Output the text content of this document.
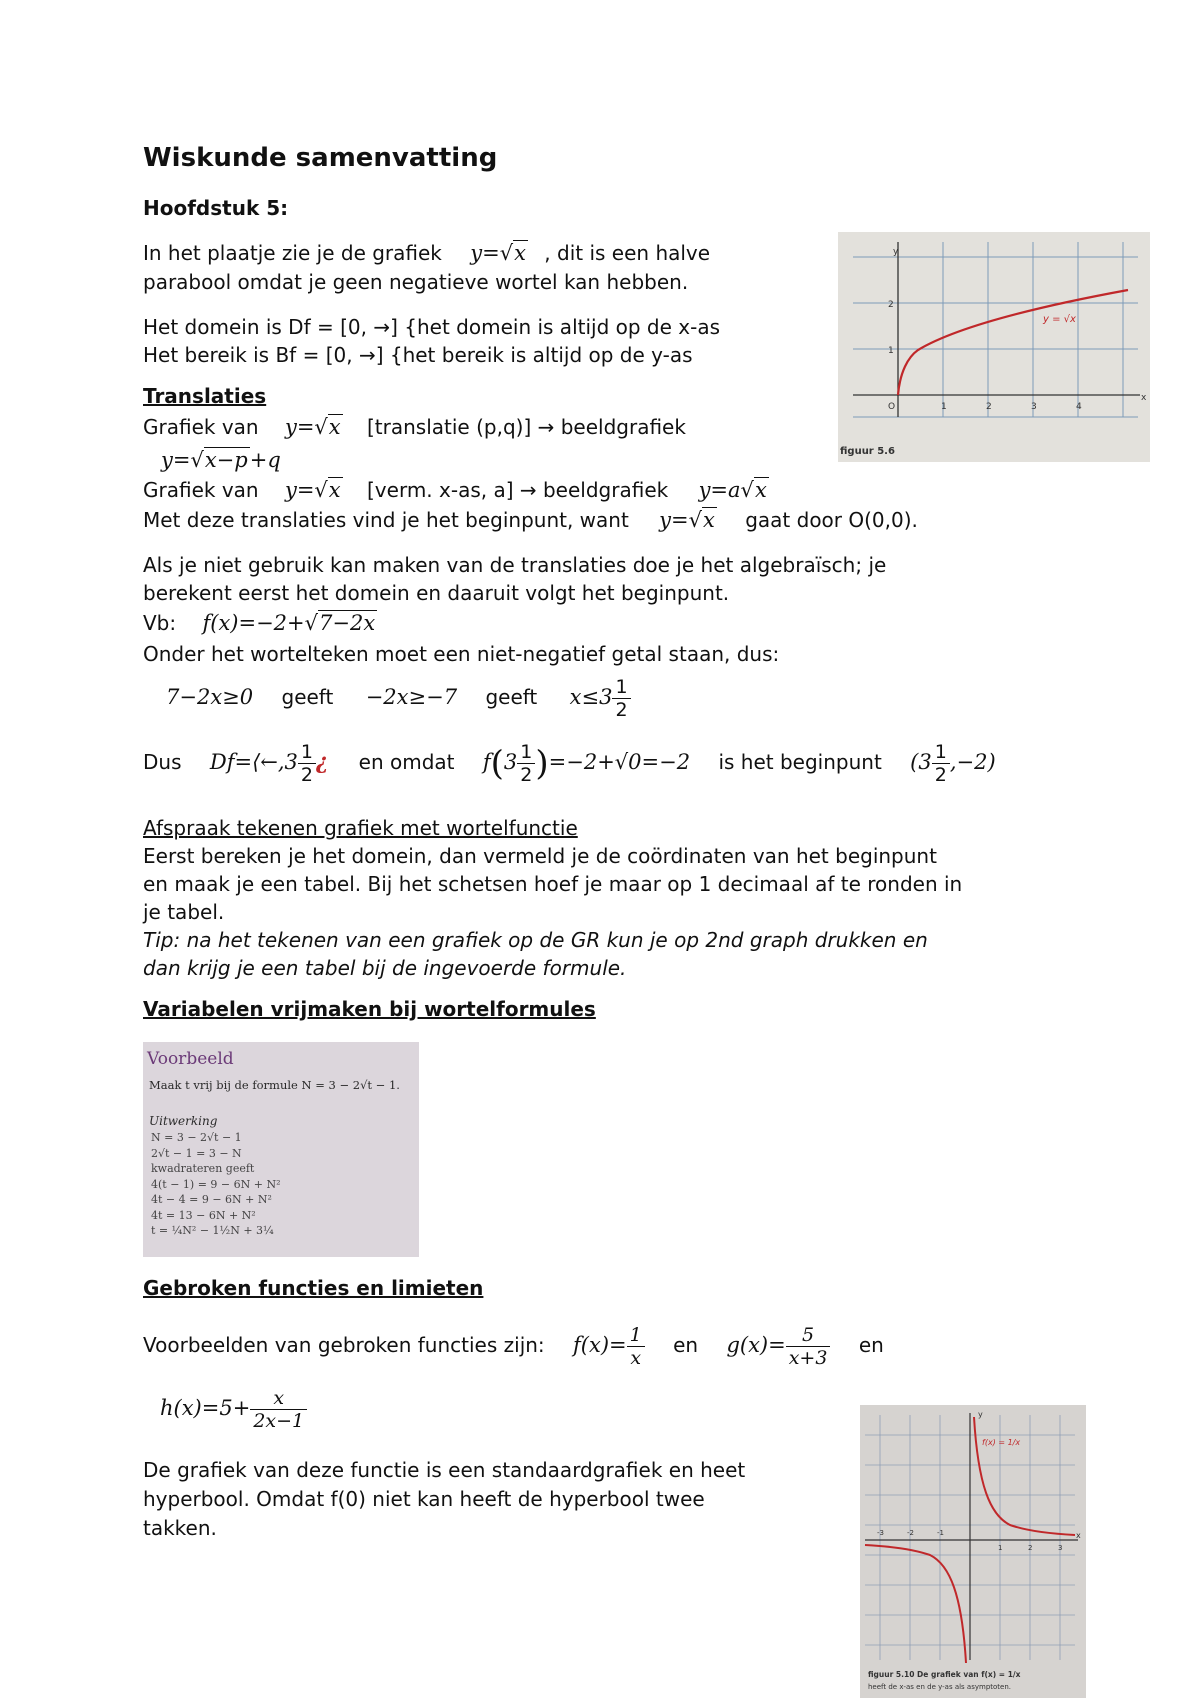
Wiskunde samenvatting
Hoofdstuk 5:
In het plaatje zie je de grafiek y=√x , dit is een halve
parabool omdat je geen negatieve wortel kan hebben.
Het domein is Df = [0, →] {het domein is altijd op de x-as
Het bereik is Bf = [0, →] {het bereik is altijd op de y-as
y
x
O	1	2	3	4
1
2
y = √x
figuur 5.6
Translaties
Grafiek van y=√x [translatie (p,q)] → beeldgrafiek
y=√x−p+q
Grafiek van y=√x [verm. x-as, a] → beeldgrafiek y=a√x
Met deze translaties vind je het beginpunt, want y=√x gaat door O(0,0).
Als je niet gebruik kan maken van de translaties doe je het algebraïsch; je
berekent eerst het domein en daaruit volgt het beginpunt.
Vb: f(x)=−2+√7−2x
Onder het wortelteken moet een niet-negatief getal staan, dus:
7−2x≥0 geeft −2x≥−7 geeft $x\le 3 \frac{1}{2}$
Dus Df=⟨←,3 $\frac{1}{2}$ ¿ en omdat $f(3 \frac{1}{2} )=-2+√0=-2$ is het beginpunt $(3 \frac{1}{2} ,-2)$
Afspraak tekenen grafiek met wortelfunctie
Eerst bereken je het domein, dan vermeld je de coördinaten van het beginpunt
en maak je een tabel. Bij het schetsen hoef je maar op 1 decimaal af te ronden in
je tabel.
Tip: na het tekenen van een grafiek op de GR kun je op 2nd graph drukken en
dan krijg je een tabel bij de ingevoerde formule.
Variabelen vrijmaken bij wortelformules
Voorbeeld
Maak t vrij bij de formule N = 3 − 2√t − 1.
Uitwerking
N = 3 − 2√t − 1
2√t − 1 = 3 − N
kwadrateren geeft
4(t − 1) = 9 − 6N + N²
4t − 4 = 9 − 6N + N²
4t = 13 − 6N + N²
t = ¼N² − 1½N + 3¼
Gebroken functies en limieten
Voorbeelden van gebroken functies zijn: $f(x)= \frac{1}{x}$ en $g(x)= \frac{5}{x+3}$ en
$h(x)=5+ \frac{x}{2x-1}$
De grafiek van deze functie is een standaardgrafiek en heet
hyperbool. Omdat f(0) niet kan heeft de hyperbool twee
takken.
y
x
-3	-2	-1
1	2	3
f(x) = 1/x
figuur 5.10 De grafiek van f(x) = 1/x
heeft de x-as en de y-as als asymptoten.
